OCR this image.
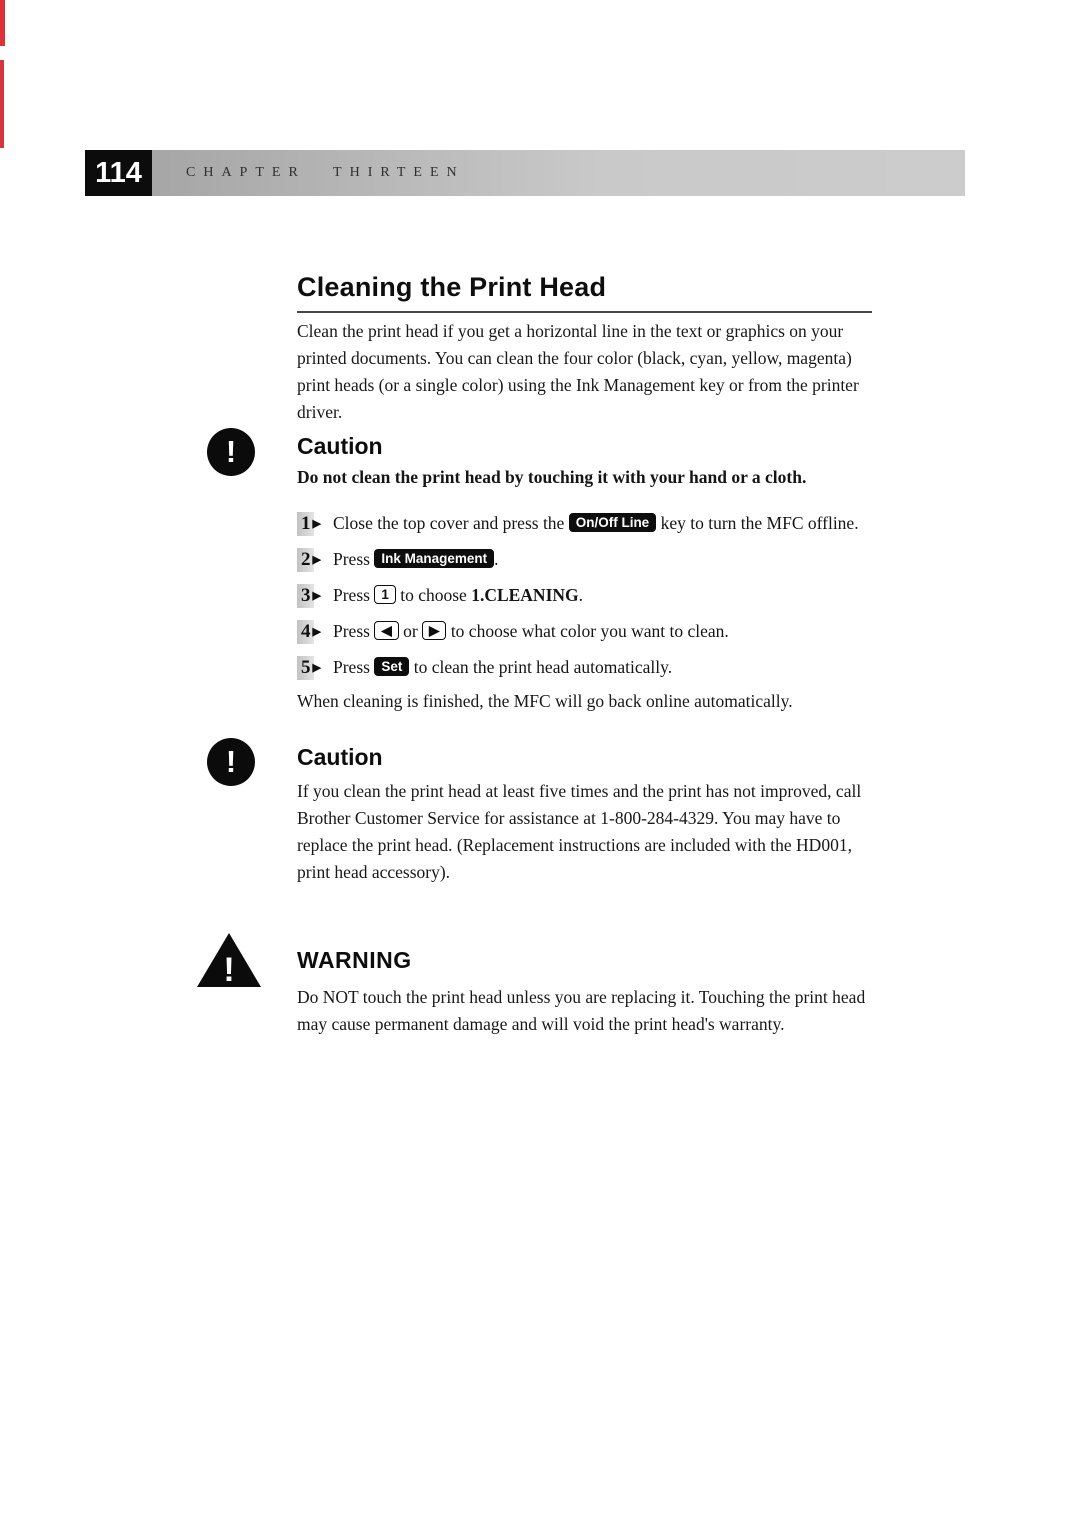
114	CHAPTER THIRTEEN
Cleaning the Print Head
Clean the print head if you get a horizontal line in the text or graphics on your printed documents. You can clean the four color (black, cyan, yellow, magenta) print heads (or a single color) using the Ink Management key or from the printer driver.
!	Caution
Do not clean the print head by touching it with your hand or a cloth.
1 ▶ Close the top cover and press the On/Off Line key to turn the MFC offline.
2 ▶ Press Ink Management .
3 ▶ Press 1 to choose 1.CLEANING.
4 ▶ Press ◀ or ▶ to choose what color you want to clean.
5 ▶ Press Set to clean the print head automatically.
When cleaning is finished, the MFC will go back online automatically.
!	Caution
If you clean the print head at least five times and the print has not improved, call Brother Customer Service for assistance at 1-800-284-4329. You may have to replace the print head. (Replacement instructions are included with the HD001, print head accessory).
!	WARNING
Do NOT touch the print head unless you are replacing it. Touching the print head may cause permanent damage and will void the print head's warranty.
